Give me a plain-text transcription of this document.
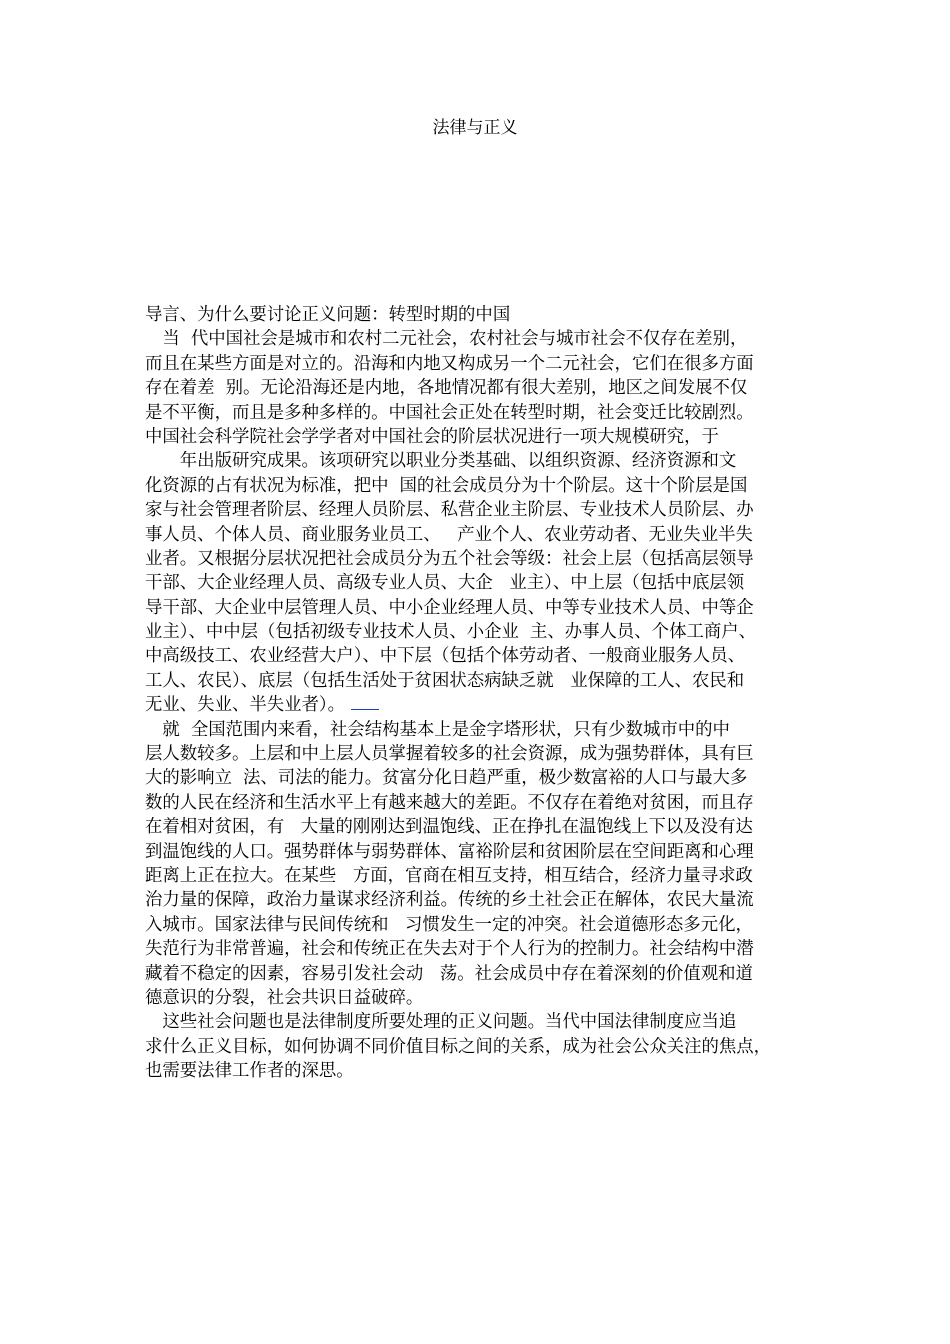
法律与正义
导言、为什么要讨论正义问题：转型时期的中国
　当  代中国社会是城市和农村二元社会，农村社会与城市社会不仅存在差别，
而且在某些方面是对立的。沿海和内地又构成另一个二元社会，它们在很多方面
存在着差  别。无论沿海还是内地，各地情况都有很大差别，地区之间发展不仅
是不平衡，而且是多种多样的。中国社会正处在转型时期，社会变迁比较剧烈。
中国社会科学院社会学学者对中国社会的阶层状况进行一项大规模研究，于
　　年出版研究成果。该项研究以职业分类基础、以组织资源、经济资源和文
化资源的占有状况为标准，把中  国的社会成员分为十个阶层。这十个阶层是国
家与社会管理者阶层、经理人员阶层、私营企业主阶层、专业技术人员阶层、办
事人员、个体人员、商业服务业员工、   产业个人、农业劳动者、无业失业半失
业者。又根据分层状况把社会成员分为五个社会等级：社会上层（包括高层领导
干部、大企业经理人员、高级专业人员、大企   业主）、中上层（包括中底层领
导干部、大企业中层管理人员、中小企业经理人员、中等专业技术人员、中等企
业主）、中中层（包括初级专业技术人员、小企业  主、办事人员、个体工商户、
中高级技工、农业经营大户）、中下层（包括个体劳动者、一般商业服务人员、
工人、农民）、底层（包括生活处于贫困状态病缺乏就   业保障的工人、农民和
无业、失业、半失业者）。
　就  全国范围内来看，社会结构基本上是金字塔形状，只有少数城市中的中
层人数较多。上层和中上层人员掌握着较多的社会资源，成为强势群体，具有巨
大的影响立  法、司法的能力。贫富分化日趋严重，极少数富裕的人口与最大多
数的人民在经济和生活水平上有越来越大的差距。不仅存在着绝对贫困，而且存
在着相对贫困，有   大量的刚刚达到温饱线、正在挣扎在温饱线上下以及没有达
到温饱线的人口。强势群体与弱势群体、富裕阶层和贫困阶层在空间距离和心理
距离上正在拉大。在某些   方面，官商在相互支持，相互结合，经济力量寻求政
治力量的保障，政治力量谋求经济利益。传统的乡土社会正在解体，农民大量流
入城市。国家法律与民间传统和   习惯发生一定的冲突。社会道德形态多元化，
失范行为非常普遍，社会和传统正在失去对于个人行为的控制力。社会结构中潜
藏着不稳定的因素，容易引发社会动   荡。社会成员中存在着深刻的价值观和道
德意识的分裂，社会共识日益破碎。
　这些社会问题也是法律制度所要处理的正义问题。当代中国法律制度应当追
求什么正义目标，如何协调不同价值目标之间的关系，成为社会公众关注的焦点，
也需要法律工作者的深思。
